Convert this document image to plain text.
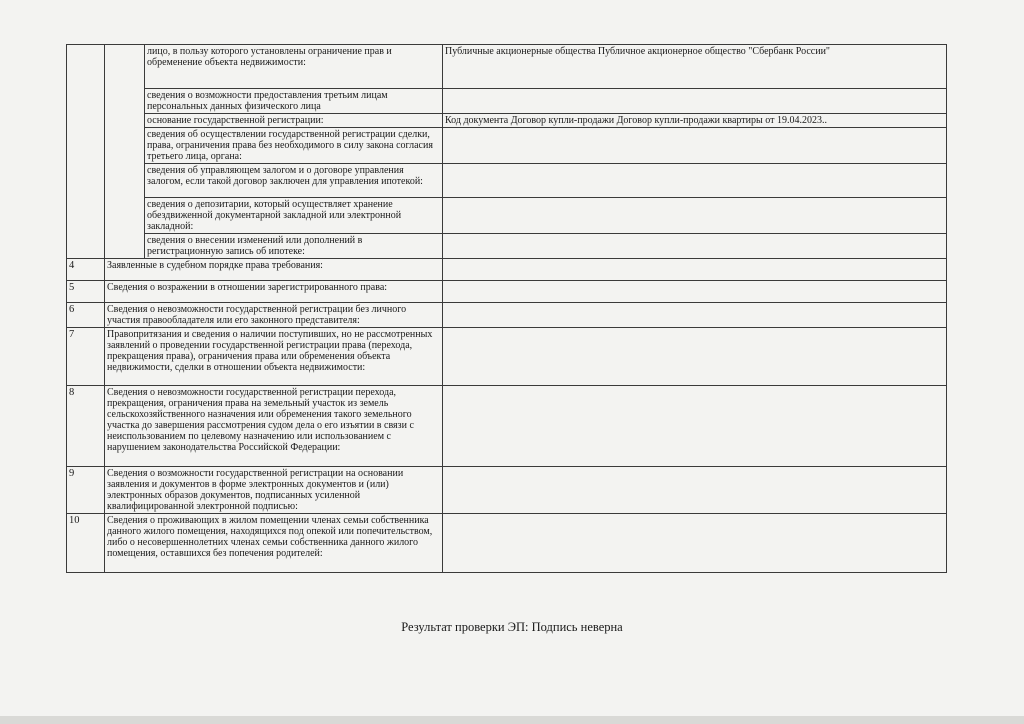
		лицо, в пользу которого установлены ограничение прав и обременение объекта недвижимости:	Публичные акционерные общества Публичное акционерное общество "Сбербанк России"
		сведения о возможности предоставления третьим лицам персональных данных физического лица	
		основание государственной регистрации:	Код документа Договор купли-продажи Договор купли-продажи квартиры от 19.04.2023..
		сведения об осуществлении государственной регистрации сделки, права, ограничения права без необходимого в силу закона согласия третьего лица, органа:	
		сведения об управляющем залогом и о договоре управления залогом, если такой договор заключен для управления ипотекой:	
		сведения о депозитарии, который осуществляет хранение обездвиженной документарной закладной или электронной закладной:	
		сведения о внесении изменений или дополнений в регистрационную запись об ипотеке:	
4	Заявленные в судебном порядке права требования:		
5	Сведения о возражении в отношении зарегистрированного права:		
6	Сведения о невозможности государственной регистрации без личного участия правообладателя или его законного представителя:		
7	Правопритязания и сведения о наличии поступивших, но не рассмотренных заявлений о проведении государственной регистрации права (перехода, прекращения права), ограничения права или обременения объекта недвижимости, сделки в отношении объекта недвижимости:		
8	Сведения о невозможности государственной регистрации перехода, прекращения, ограничения права на земельный участок из земель сельскохозяйственного назначения или обременения такого земельного участка до завершения рассмотрения судом дела о его изъятии в связи с неиспользованием по целевому назначению или использованием с нарушением законодательства Российской Федерации:		
9	Сведения о возможности государственной регистрации на основании заявления и документов в форме электронных документов и (или) электронных образов документов, подписанных усиленной квалифицированной электронной подписью:		
10	Сведения о проживающих в жилом помещении членах семьи собственника данного жилого помещения, находящихся под опекой или попечительством, либо о несовершеннолетних членах семьи собственника данного жилого помещения, оставшихся без попечения родителей:		
Результат проверки ЭП: Подпись неверна
